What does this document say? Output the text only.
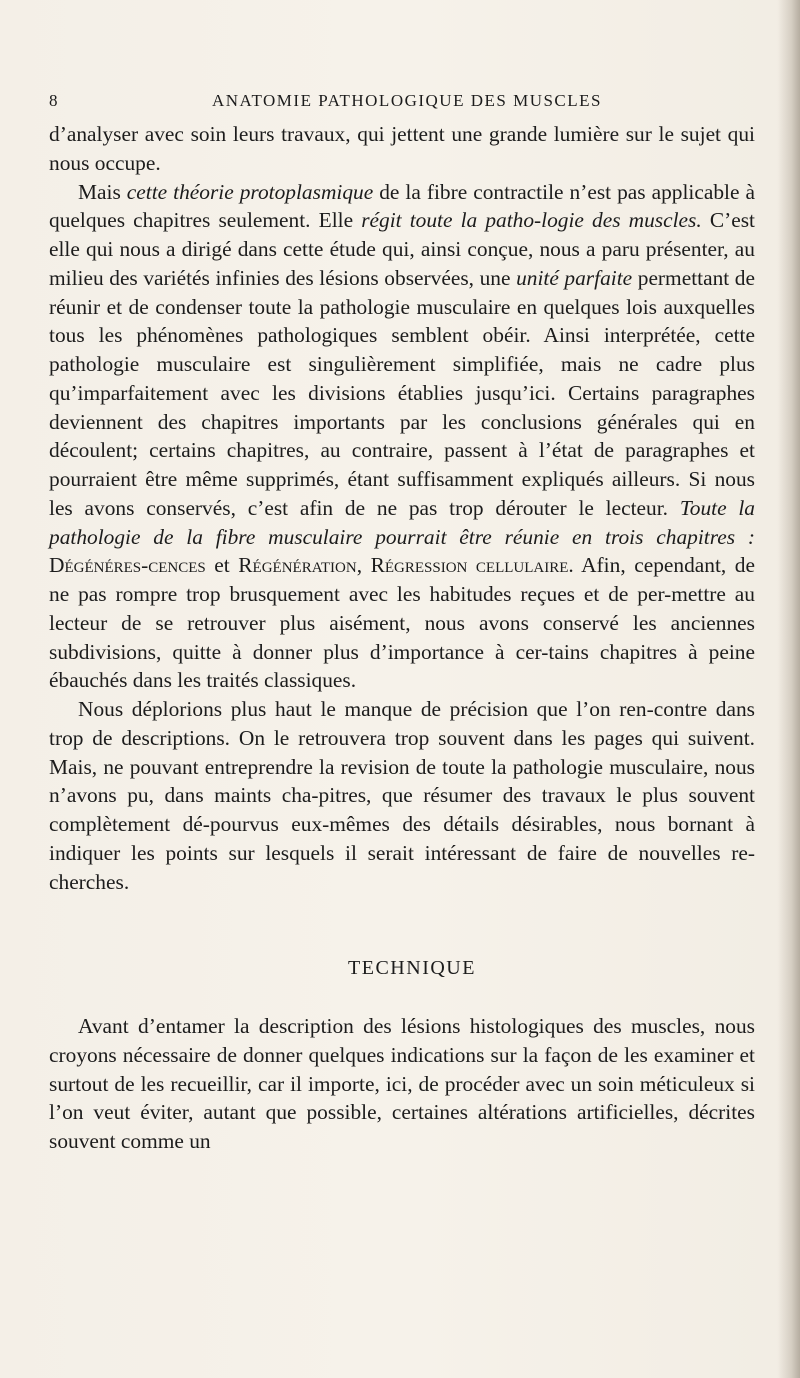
8	ANATOMIE PATHOLOGIQUE DES MUSCLES

d’analyser avec soin leurs travaux, qui jettent une grande lumière sur le sujet qui nous occupe.

Mais cette théorie protoplasmique de la fibre contractile n’est pas applicable à quelques chapitres seulement. Elle régit toute la patho-logie des muscles. C’est elle qui nous a dirigé dans cette étude qui, ainsi conçue, nous a paru présenter, au milieu des variétés infinies des lésions observées, une unité parfaite permettant de réunir et de condenser toute la pathologie musculaire en quelques lois auxquelles tous les phénomènes pathologiques semblent obéir. Ainsi interprétée, cette pathologie musculaire est singulièrement simplifiée, mais ne cadre plus qu’imparfaitement avec les divisions établies jusqu’ici. Certains paragraphes deviennent des chapitres importants par les conclusions générales qui en découlent; certains chapitres, au contraire, passent à l’état de paragraphes et pourraient être même supprimés, étant suffisamment expliqués ailleurs. Si nous les avons conservés, c’est afin de ne pas trop dérouter le lecteur. Toute la pathologie de la fibre musculaire pourrait être réunie en trois chapitres : Dégénéres-cences et Régénération, Régression cellulaire. Afin, cependant, de ne pas rompre trop brusquement avec les habitudes reçues et de per-mettre au lecteur de se retrouver plus aisément, nous avons conservé les anciennes subdivisions, quitte à donner plus d’importance à cer-tains chapitres à peine ébauchés dans les traités classiques.

Nous déplorions plus haut le manque de précision que l’on ren-contre dans trop de descriptions. On le retrouvera trop souvent dans les pages qui suivent. Mais, ne pouvant entreprendre la revision de toute la pathologie musculaire, nous n’avons pu, dans maints cha-pitres, que résumer des travaux le plus souvent complètement dé-pourvus eux-mêmes des détails désirables, nous bornant à indiquer les points sur lesquels il serait intéressant de faire de nouvelles re-cherches.

TECHNIQUE

Avant d’entamer la description des lésions histologiques des muscles, nous croyons nécessaire de donner quelques indications sur la façon de les examiner et surtout de les recueillir, car il importe, ici, de procéder avec un soin méticuleux si l’on veut éviter, autant que possible, certaines altérations artificielles, décrites souvent comme un
